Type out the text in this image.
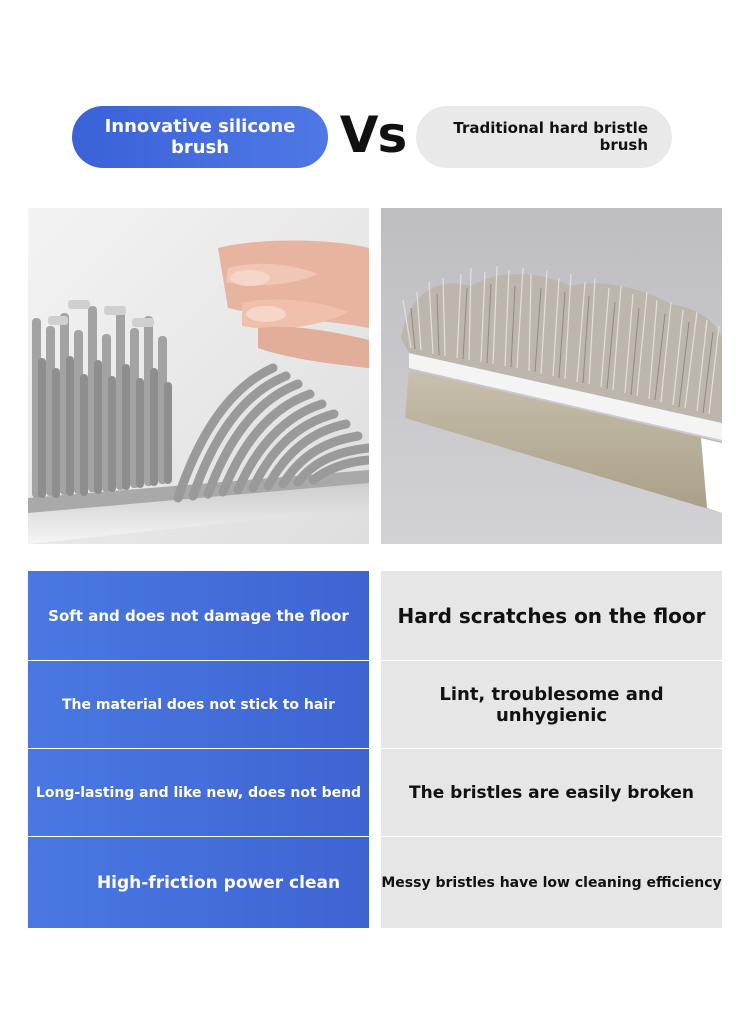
Innovative silicone brush	Vs	Traditional hard bristle brush
Soft and does not damage the floor	Hard scratches on the floor
The material does not stick to hair	Lint, troublesome and unhygienic
Long-lasting and like new, does not bend	The bristles are easily broken
High-friction power clean	Messy bristles have low cleaning efficiency
